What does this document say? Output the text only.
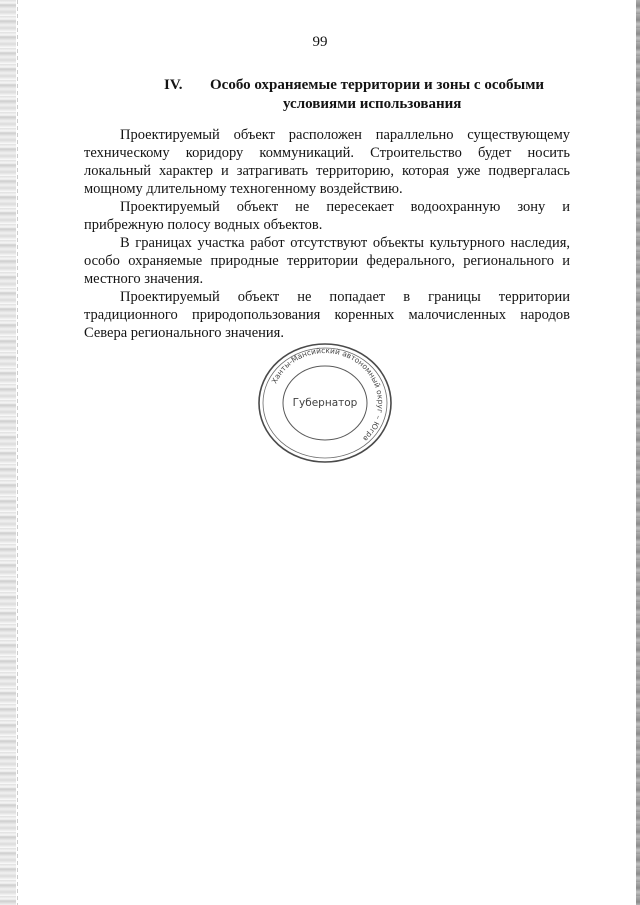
99
IV. Особо охраняемые территории и зоны с особыми
условиями использования

Проектируемый объект расположен параллельно существующему техническому коридору коммуникаций. Строительство будет носить локальный характер и затрагивать территорию, которая уже подвергалась мощному длительному техногенному воздействию.

Проектируемый объект не пересекает водоохранную зону и прибрежную полосу водных объектов.

В границах участка работ отсутствуют объекты культурного наследия, особо охраняемые природные территории федерального, регионального и местного значения.

Проектируемый объект не попадает в границы территории традиционного природопользования коренных малочисленных народов Севера регионального значения.

Ханты-Мансийский автономный округ – Югра
Губернатор
